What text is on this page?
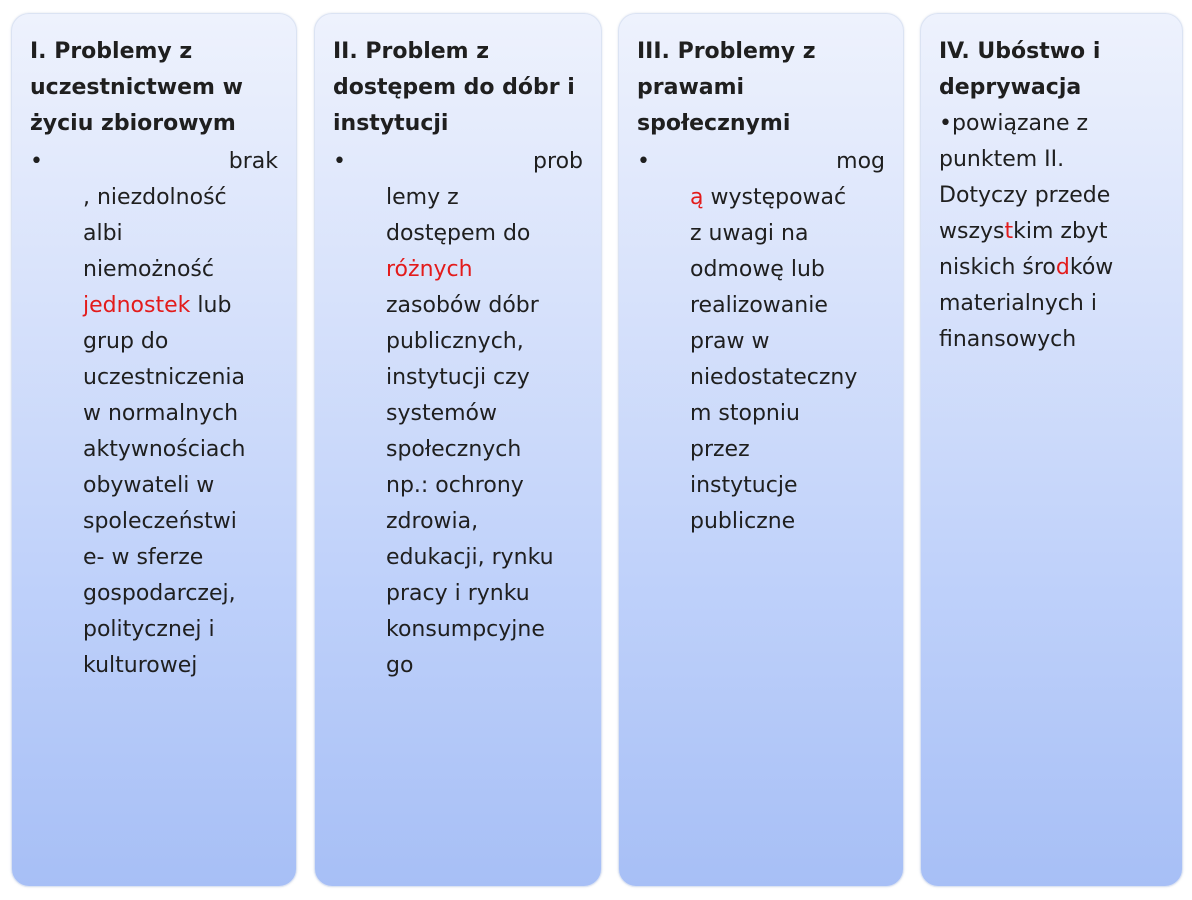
I. Problemy z uczestnictwem w życiu zbiorowym
•	brak

, niezdolność
albi
niemożność
jednostek lub
grup do
uczestniczenia
w normalnych
aktywnościach
obywateli w
spoleczeństwi
e- w sferze
gospodarczej,
politycznej i
kulturowej
II. Problem z dostępem do dóbr i instytucji
•	prob

lemy z
dostępem do
różnych
zasobów dóbr
publicznych,
instytucji czy
systemów
społecznych
np.: ochrony
zdrowia,
edukacji, rynku
pracy i rynku
konsumpcyjne
go
III. Problemy z prawami społecznymi
•	mog

ą występować
z uwagi na
odmowę lub
realizowanie
praw w
niedostateczny
m stopniu
przez
instytucje
publiczne
IV. Ubóstwo i deprywacja
•powiązane z
punktem II.
Dotyczy przede
wszystkim zbyt
niskich środków
materialnych i
finansowych
